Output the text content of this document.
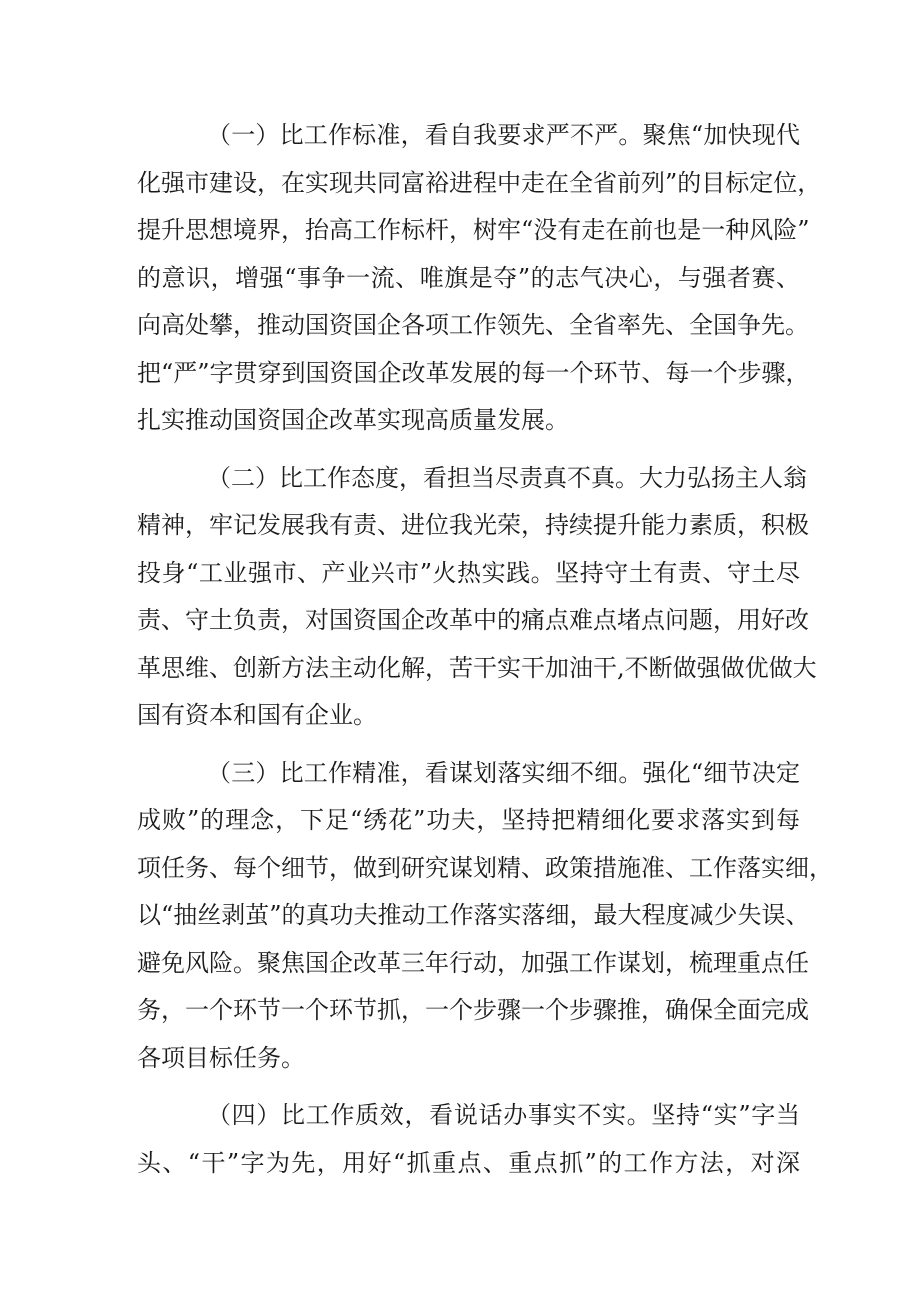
（一）比工作标准，看自我要求严不严。聚焦“加快现代
化强市建设，在实现共同富裕进程中走在全省前列”的目标定位，
提升思想境界，抬高工作标杆，树牢“没有走在前也是一种风险”
的意识，增强“事争一流、唯旗是夺”的志气决心，与强者赛、
向高处攀，推动国资国企各项工作领先、全省率先、全国争先。
把“严”字贯穿到国资国企改革发展的每一个环节、每一个步骤，
扎实推动国资国企改革实现高质量发展。
（二）比工作态度，看担当尽责真不真。大力弘扬主人翁
精神，牢记发展我有责、进位我光荣，持续提升能力素质，积极
投身“工业强市、产业兴市”火热实践。坚持守土有责、守土尽
责、守土负责，对国资国企改革中的痛点难点堵点问题，用好改
革思维、创新方法主动化解，苦干实干加油干,不断做强做优做大
国有资本和国有企业。
（三）比工作精准，看谋划落实细不细。强化“细节决定
成败”的理念，下足“绣花”功夫，坚持把精细化要求落实到每
项任务、每个细节，做到研究谋划精、政策措施准、工作落实细，
以“抽丝剥茧”的真功夫推动工作落实落细，最大程度减少失误、
避免风险。聚焦国企改革三年行动，加强工作谋划，梳理重点任
务，一个环节一个环节抓，一个步骤一个步骤推，确保全面完成
各项目标任务。
（四）比工作质效，看说话办事实不实。坚持“实”字当
头、“干”字为先，用好“抓重点、重点抓”的工作方法，对深
